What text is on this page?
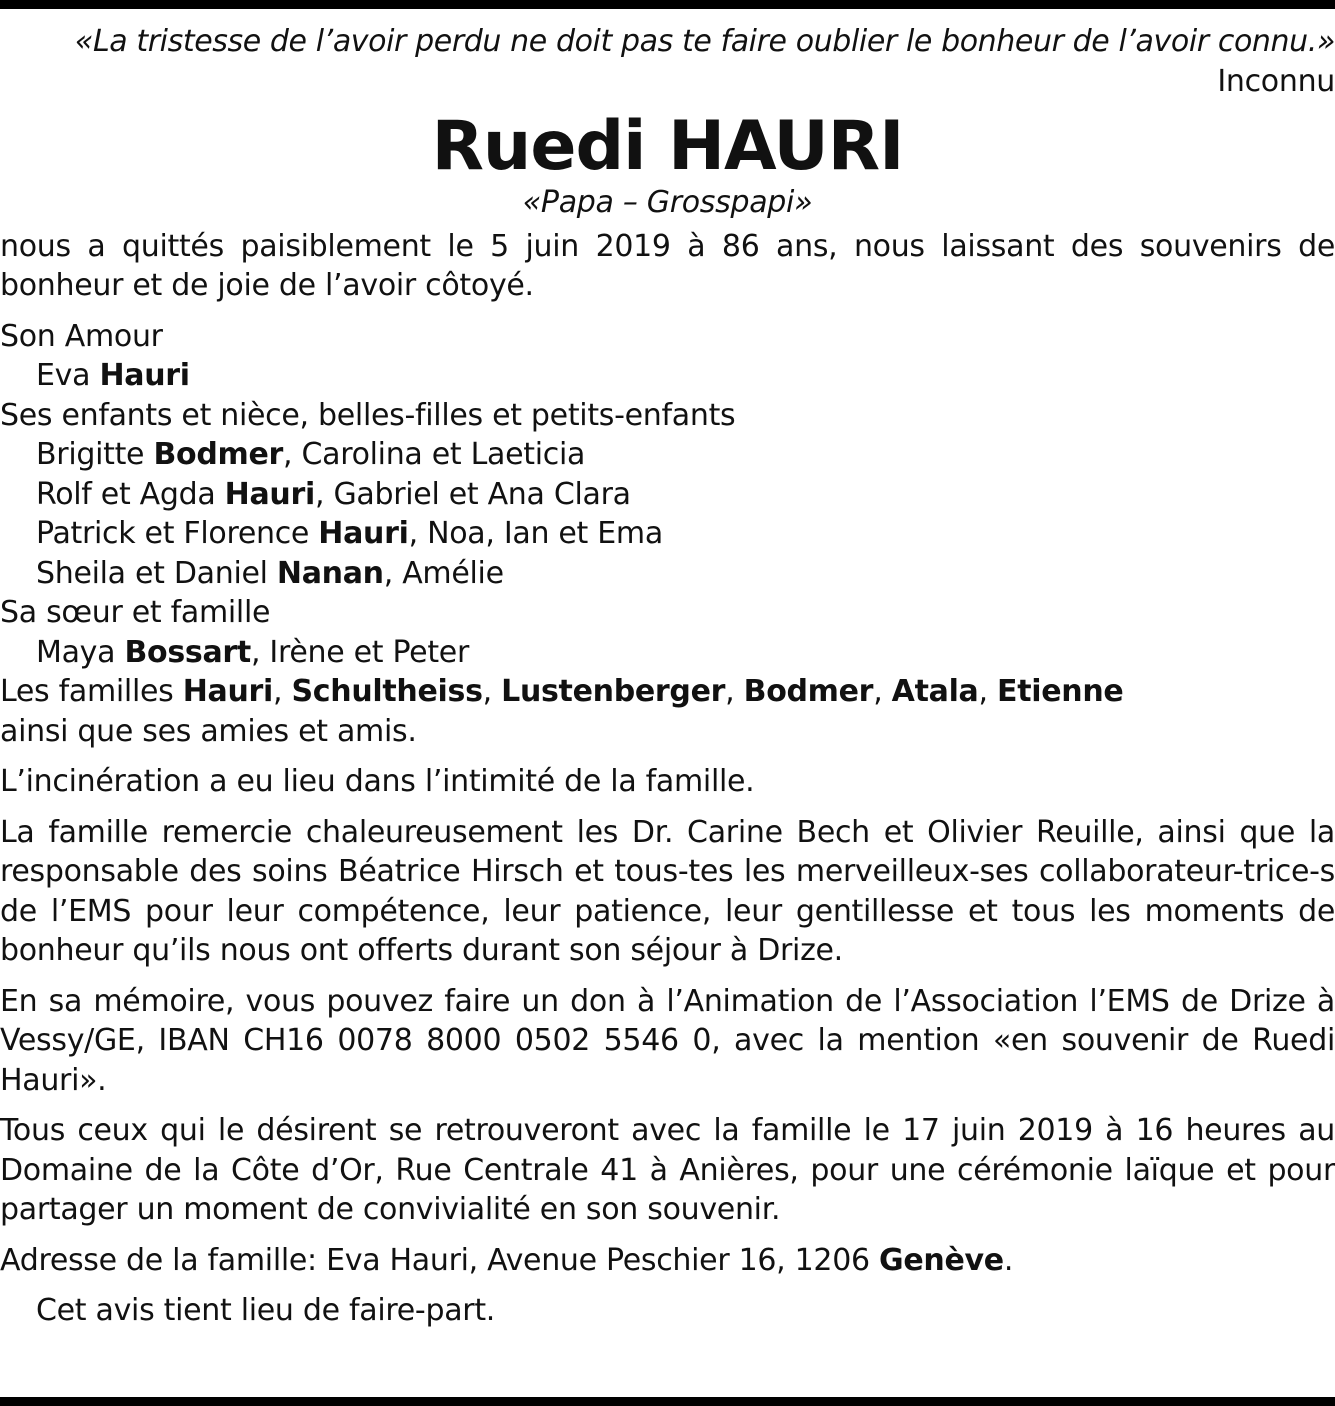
«La tristesse de l’avoir perdu ne doit pas te faire oublier le bonheur de l’avoir connu.»
Inconnu
Ruedi HAURI
«Papa – Grosspapi»

nous a quittés paisiblement le 5 juin 2019 à 86 ans, nous laissant des souvenirs de bonheur et de joie de l’avoir côtoyé.

Son Amour
Eva Hauri
Ses enfants et nièce, belles-filles et petits-enfants
Brigitte Bodmer, Carolina et Laeticia
Rolf et Agda Hauri, Gabriel et Ana Clara
Patrick et Florence Hauri, Noa, Ian et Ema
Sheila et Daniel Nanan, Amélie
Sa sœur et famille
Maya Bossart, Irène et Peter
Les familles Hauri, Schultheiss, Lustenberger, Bodmer, Atala, Etienne
ainsi que ses amies et amis.

L’incinération a eu lieu dans l’intimité de la famille.

La famille remercie chaleureusement les Dr. Carine Bech et Olivier Reuille, ainsi que la responsable des soins Béatrice Hirsch et tous-tes les merveilleux-ses collaborateur-trice-s de l’EMS pour leur compétence, leur patience, leur gentillesse et tous les moments de bonheur qu’ils nous ont offerts durant son séjour à Drize.

En sa mémoire, vous pouvez faire un don à l’Animation de l’Association l’EMS de Drize à Vessy/GE, IBAN CH16 0078 8000 0502 5546 0, avec la mention «en souvenir de Ruedi Hauri».

Tous ceux qui le désirent se retrouveront avec la famille le 17 juin 2019 à 16 heures au Domaine de la Côte d’Or, Rue Centrale 41 à Anières, pour une cérémonie laïque et pour partager un moment de convivialité en son souvenir.

Adresse de la famille: Eva Hauri, Avenue Peschier 16, 1206 Genève.

Cet avis tient lieu de faire-part.
